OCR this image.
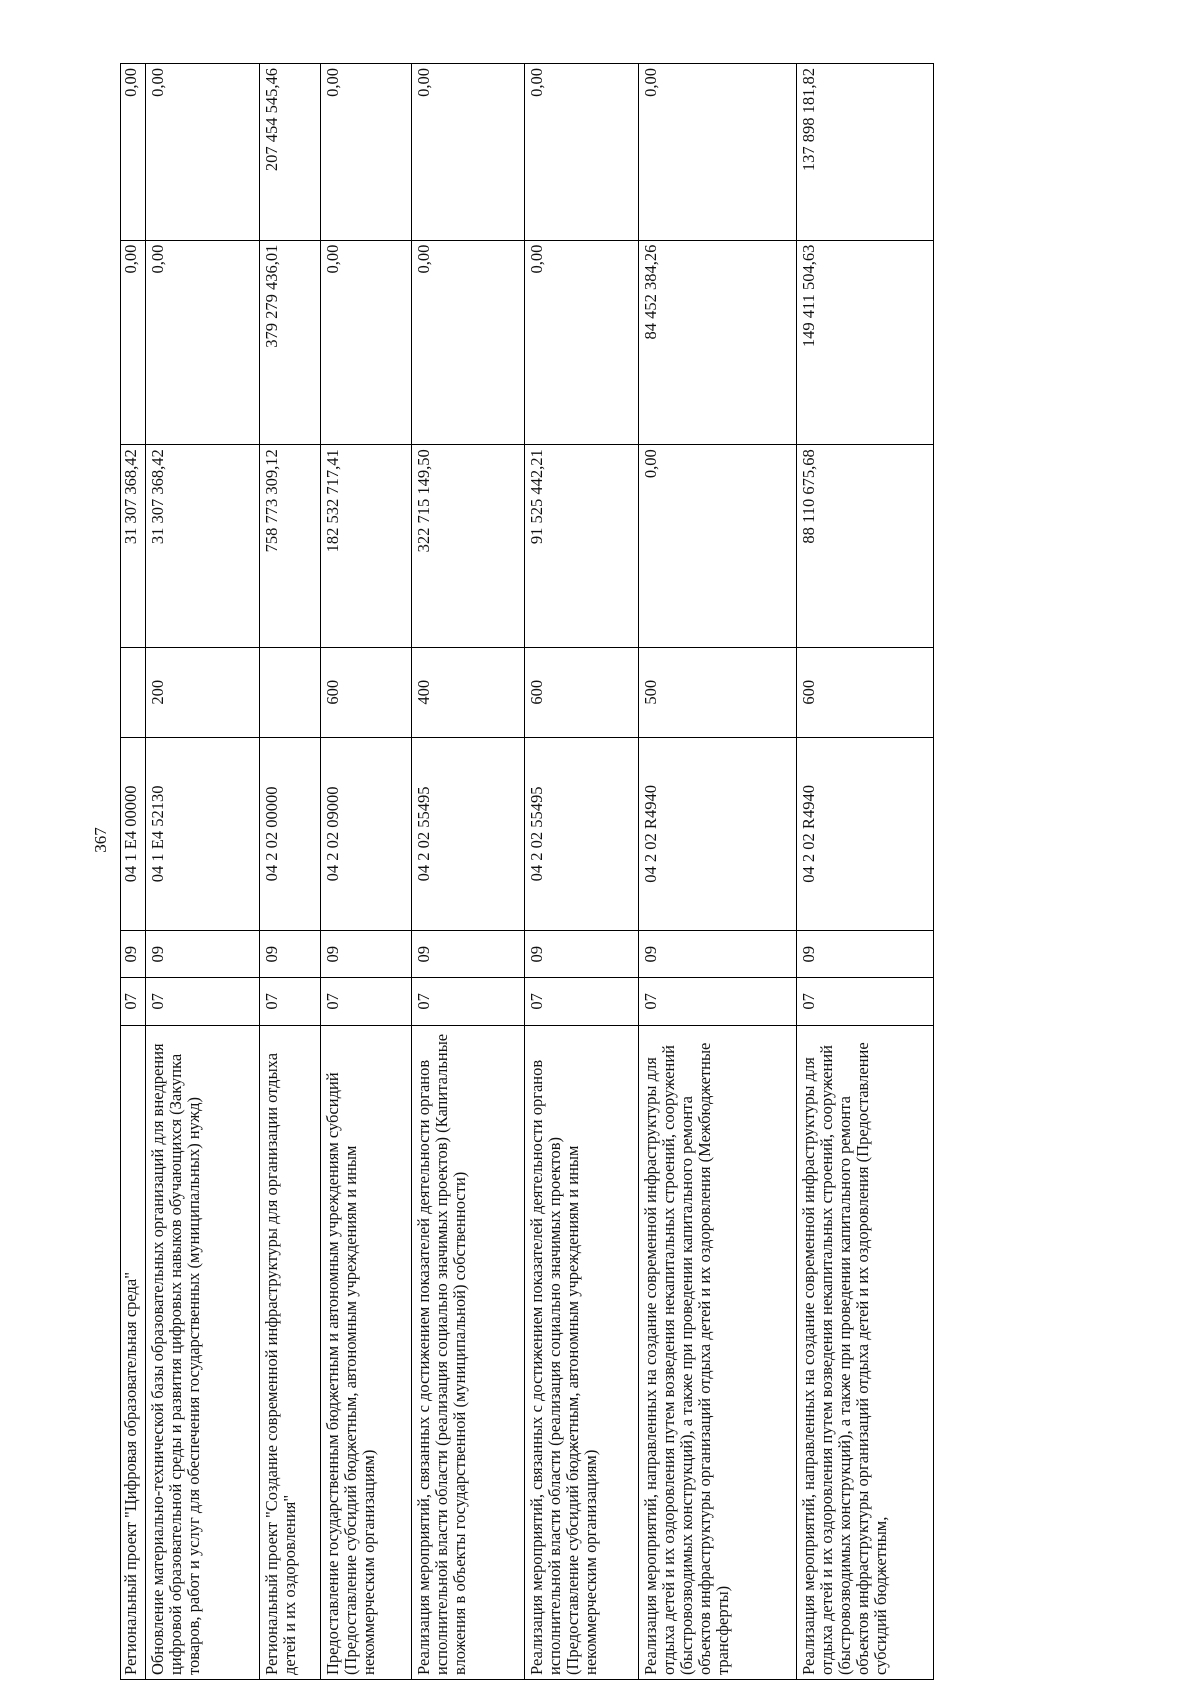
367
Региональный проект "Цифровая образовательная среда"	07	09	04 1 E4 00000		31 307 368,42	0,00	0,00
Обновление материально-технической базы образовательных организаций для внедрения цифровой образовательной среды и развития цифровых навыков обучающихся (Закупка товаров, работ и услуг для обеспечения государственных (муниципальных) нужд)	07	09	04 1 E4 52130	200	31 307 368,42	0,00	0,00
Региональный проект "Создание современной инфраструктуры для организации отдыха детей и их оздоровления"	07	09	04 2 02 00000		758 773 309,12	379 279 436,01	207 454 545,46
Предоставление государственным бюджетным и автономным учреждениям субсидий (Предоставление субсидий бюджетным, автономным учреждениям и иным некоммерческим организациям)	07	09	04 2 02 09000	600	182 532 717,41	0,00	0,00
Реализация мероприятий, связанных с достижением показателей деятельности органов исполнительной власти области (реализация социально значимых проектов) (Капитальные вложения в объекты государственной (муниципальной) собственности)	07	09	04 2 02 55495	400	322 715 149,50	0,00	0,00
Реализация мероприятий, связанных с достижением показателей деятельности органов исполнительной власти области (реализация социально значимых проектов) (Предоставление субсидий бюджетным, автономным учреждениям и иным некоммерческим организациям)	07	09	04 2 02 55495	600	91 525 442,21	0,00	0,00
Реализация мероприятий, направленных на создание современной инфраструктуры для отдыха детей и их оздоровления путем возведения некапитальных строений, сооружений (быстровозводимых конструкций), а также при проведении капитального ремонта объектов инфраструктуры организаций отдыха детей и их оздоровления (Межбюджетные трансферты)	07	09	04 2 02 R4940	500	0,00	84 452 384,26	0,00
Реализация мероприятий, направленных на создание современной инфраструктуры для отдыха детей и их оздоровления путем возведения некапитальных строений, сооружений (быстровозводимых конструкций), а также при проведении капитального ремонта объектов инфраструктуры организаций отдыха детей и их оздоровления (Предоставление субсидий бюджетным,	07	09	04 2 02 R4940	600	88 110 675,68	149 411 504,63	137 898 181,82
